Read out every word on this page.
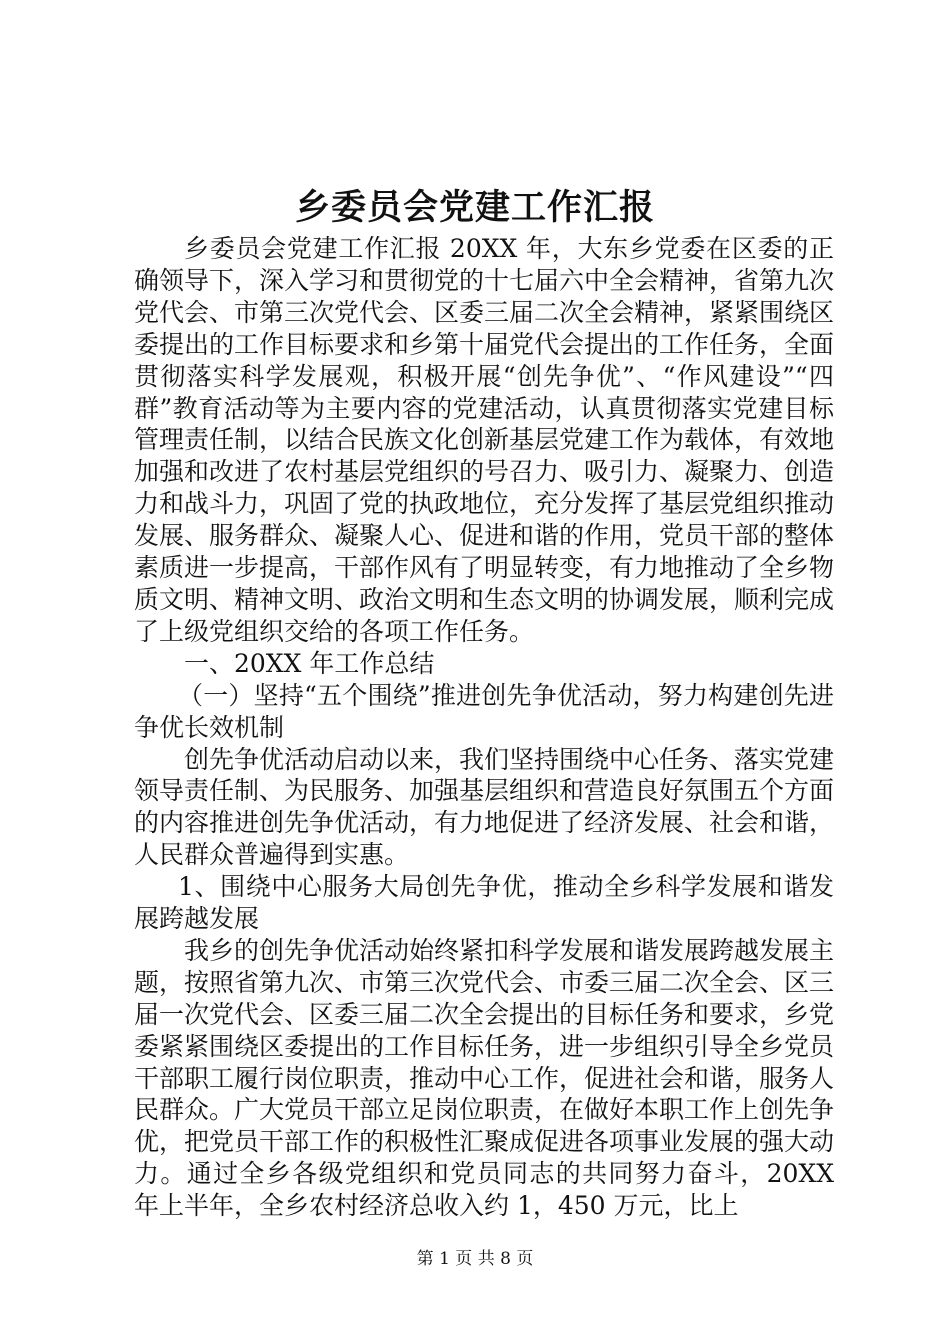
乡委员会党建工作汇报

乡委员会党建工作汇报 20XX 年，大东乡党委在区委的正确领导下，深入学习和贯彻党的十七届六中全会精神，省第九次党代会、市第三次党代会、区委三届二次全会精神，紧紧围绕区委提出的工作目标要求和乡第十届党代会提出的工作任务，全面贯彻落实科学发展观，积极开展“创先争优”、“作风建设”“四群”教育活动等为主要内容的党建活动，认真贯彻落实党建目标管理责任制，以结合民族文化创新基层党建工作为载体，有效地加强和改进了农村基层党组织的号召力、吸引力、凝聚力、创造力和战斗力，巩固了党的执政地位，充分发挥了基层党组织推动发展、服务群众、凝聚人心、促进和谐的作用，党员干部的整体素质进一步提高，干部作风有了明显转变，有力地推动了全乡物质文明、精神文明、政治文明和生态文明的协调发展，顺利完成了上级党组织交给的各项工作任务。

一、20XX 年工作总结

（一）坚持“五个围绕”推进创先争优活动，努力构建创先进争优长效机制

创先争优活动启动以来，我们坚持围绕中心任务、落实党建领导责任制、为民服务、加强基层组织和营造良好氛围五个方面的内容推进创先争优活动，有力地促进了经济发展、社会和谐，人民群众普遍得到实惠。

1、围绕中心服务大局创先争优，推动全乡科学发展和谐发展跨越发展

我乡的创先争优活动始终紧扣科学发展和谐发展跨越发展主题，按照省第九次、市第三次党代会、市委三届二次全会、区三届一次党代会、区委三届二次全会提出的目标任务和要求，乡党委紧紧围绕区委提出的工作目标任务，进一步组织引导全乡党员干部职工履行岗位职责，推动中心工作，促进社会和谐，服务人民群众。广大党员干部立足岗位职责，在做好本职工作上创先争优，把党员干部工作的积极性汇聚成促进各项事业发展的强大动力。通过全乡各级党组织和党员同志的共同努力奋斗，20XX 年上半年，全乡农村经济总收入约 1，450 万元，比上

第 1 页 共 8 页
